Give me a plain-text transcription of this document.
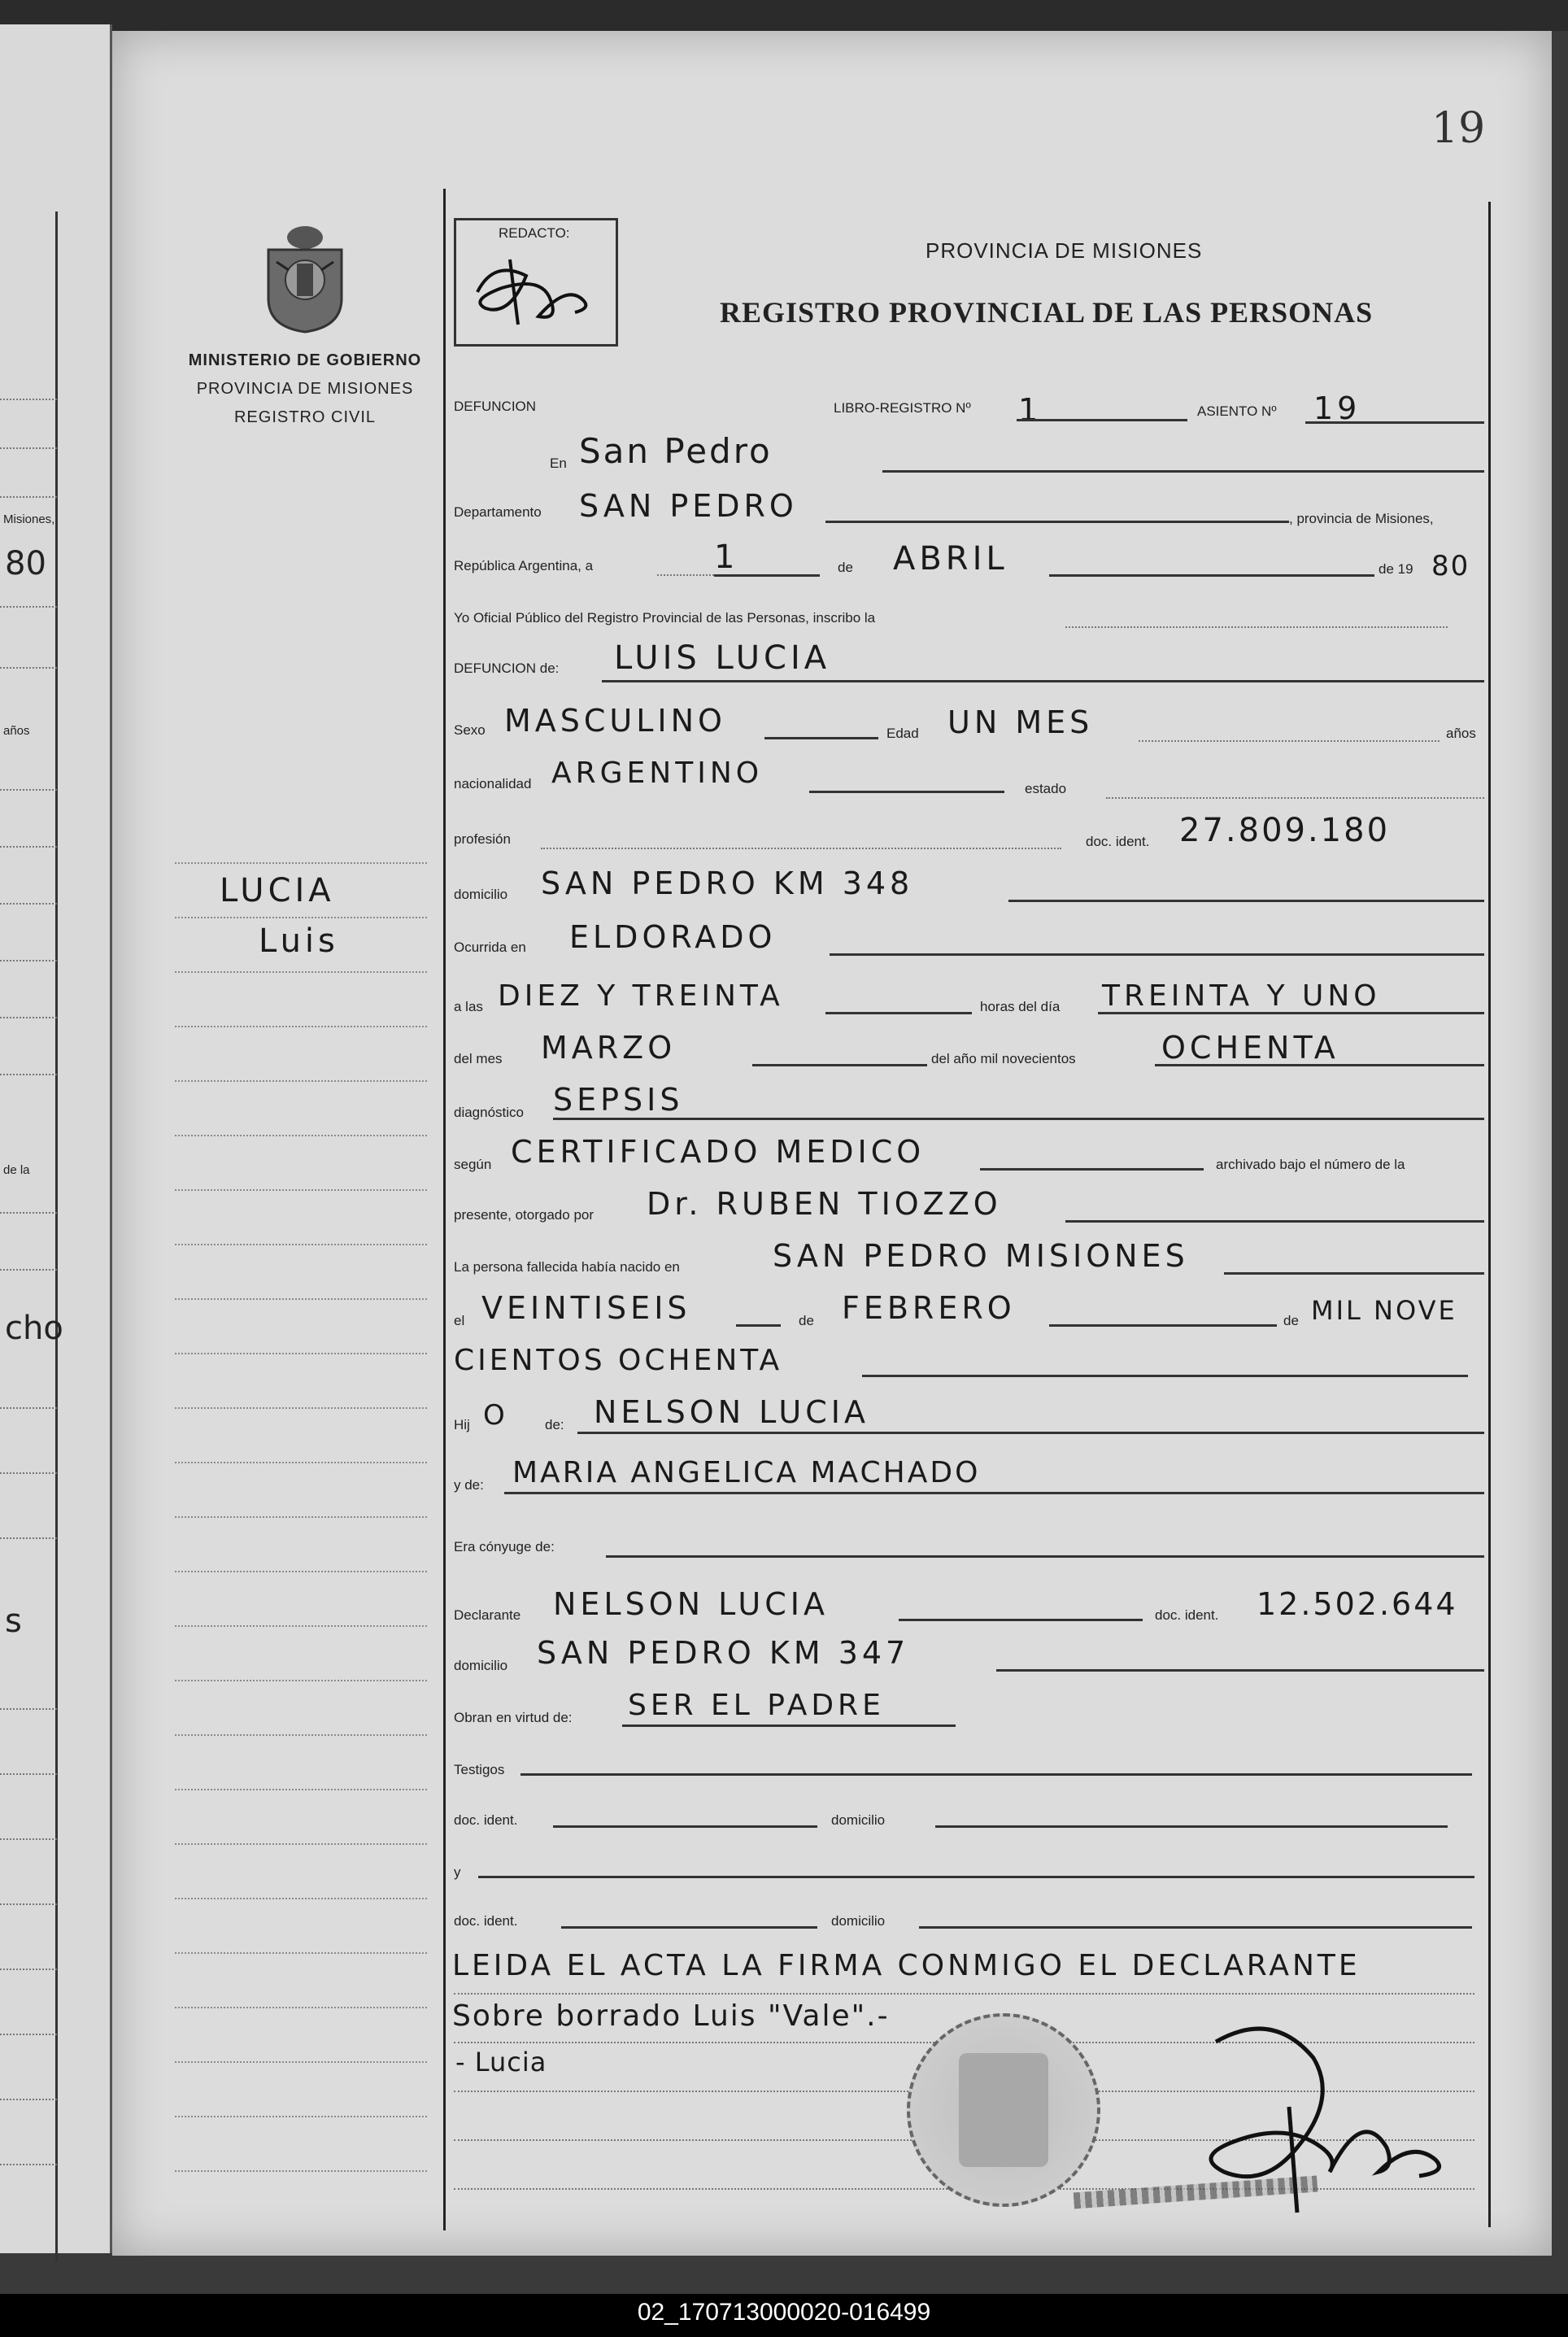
Misiones,
80
años
de la
cho
s
19
MINISTERIO DE GOBIERNO
PROVINCIA DE MISIONES
REGISTRO CIVIL
REDACTO:
PROVINCIA DE MISIONES
REGISTRO PROVINCIAL DE LAS PERSONAS
LUCIA
Luis
DEFUNCION	LIBRO-REGISTRO Nº 1	ASIENTO Nº 19
En San Pedro
Departamento SAN PEDRO	, provincia de Misiones,
República Argentina, a	1	de ABRIL	de 19 80
Yo Oficial Público del Registro Provincial de las Personas, inscribo la
DEFUNCION de: LUIS LUCIA
Sexo MASCULINO	Edad UN MES	años
nacionalidad ARGENTINO	estado
profesión	doc. ident. 27.809.180
domicilio SAN PEDRO KM 348
Ocurrida en ELDORADO
a las DIEZ Y TREINTA	horas del día TREINTA Y UNO
del mes MARZO	del año mil novecientos	OCHENTA
diagnóstico SEPSIS
según CERTIFICADO MEDICO	archivado bajo el número de la
presente, otorgado por Dr. RUBEN TIOZZO
La persona fallecida había nacido en	SAN PEDRO MISIONES
el VEINTISEIS	de FEBRERO	de MIL NOVE
CIENTOS OCHENTA
Hij O	de: NELSON LUCIA
y de: MARIA ANGELICA MACHADO
Era cónyuge de:
Declarante NELSON LUCIA	doc. ident. 12.502.644
domicilio SAN PEDRO KM 347
Obran en virtud de: SER EL PADRE
Testigos
doc. ident.	domicilio
y
doc. ident.	domicilio
LEIDA EL ACTA LA FIRMA CONMIGO EL DECLARANTE
Sobre borrado Luis "Vale".-
- Lucia
02_170713000020-016499
